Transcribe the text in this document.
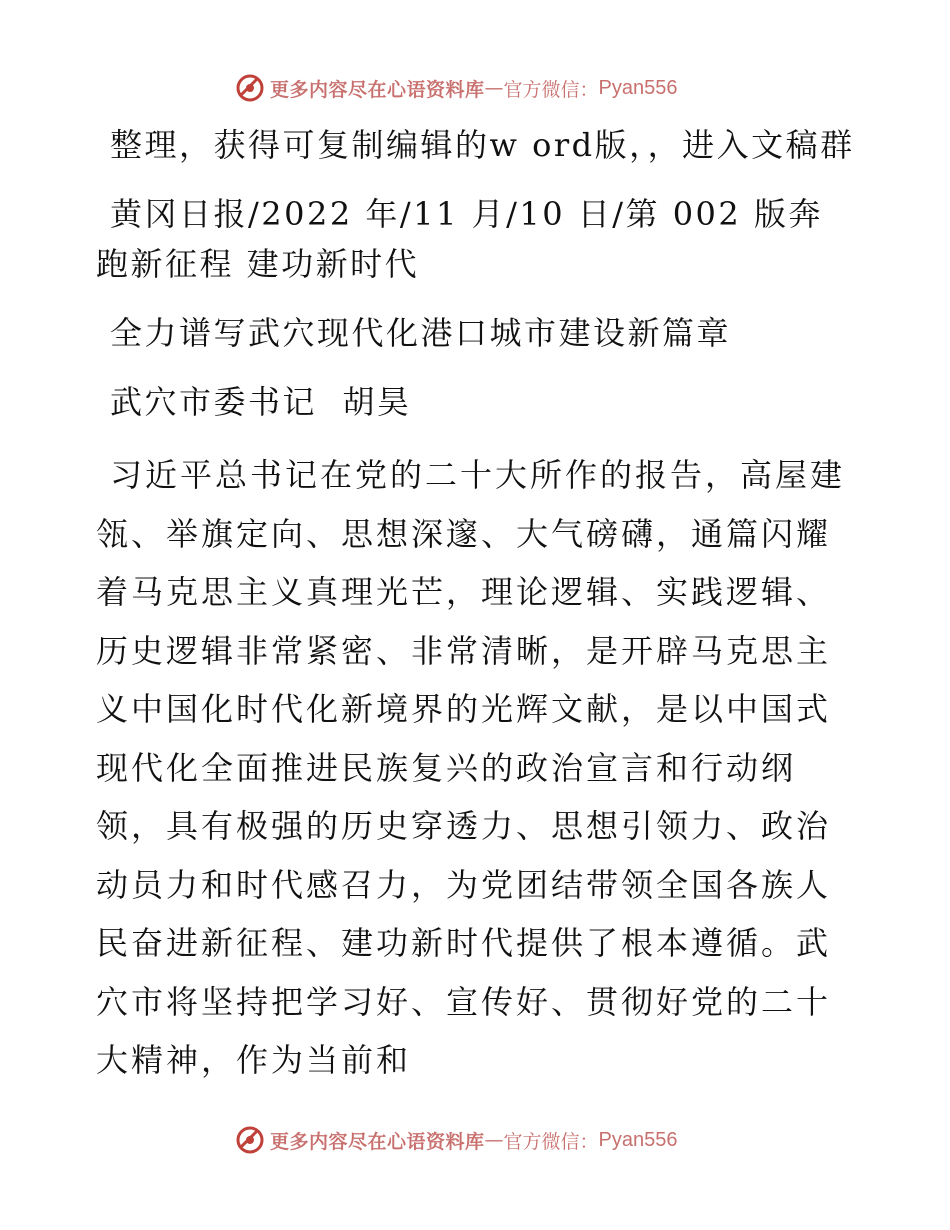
更多内容尽在心语资料库 — 官方微信： Pyan556

整理，获得可复制编辑的w ord版，，进入文稿群

黄冈日报/2022 年/11 月/10 日/第 002 版奔跑新征程 建功新时代

全力谱写武穴现代化港口城市建设新篇章

武穴市委书记  胡昊

习近平总书记在党的二十大所作的报告，高屋建瓴、举旗定向、思想深邃、大气磅礴，通篇闪耀着马克思主义真理光芒，理论逻辑、实践逻辑、历史逻辑非常紧密、非常清晰，是开辟马克思主义中国化时代化新境界的光辉文献，是以中国式现代化全面推进民族复兴的政治宣言和行动纲领，具有极强的历史穿透力、思想引领力、政治动员力和时代感召力，为党团结带领全国各族人民奋进新征程、建功新时代提供了根本遵循。武穴市将坚持把学习好、宣传好、贯彻好党的二十大精神，作为当前和

更多内容尽在心语资料库 — 官方微信： Pyan556
